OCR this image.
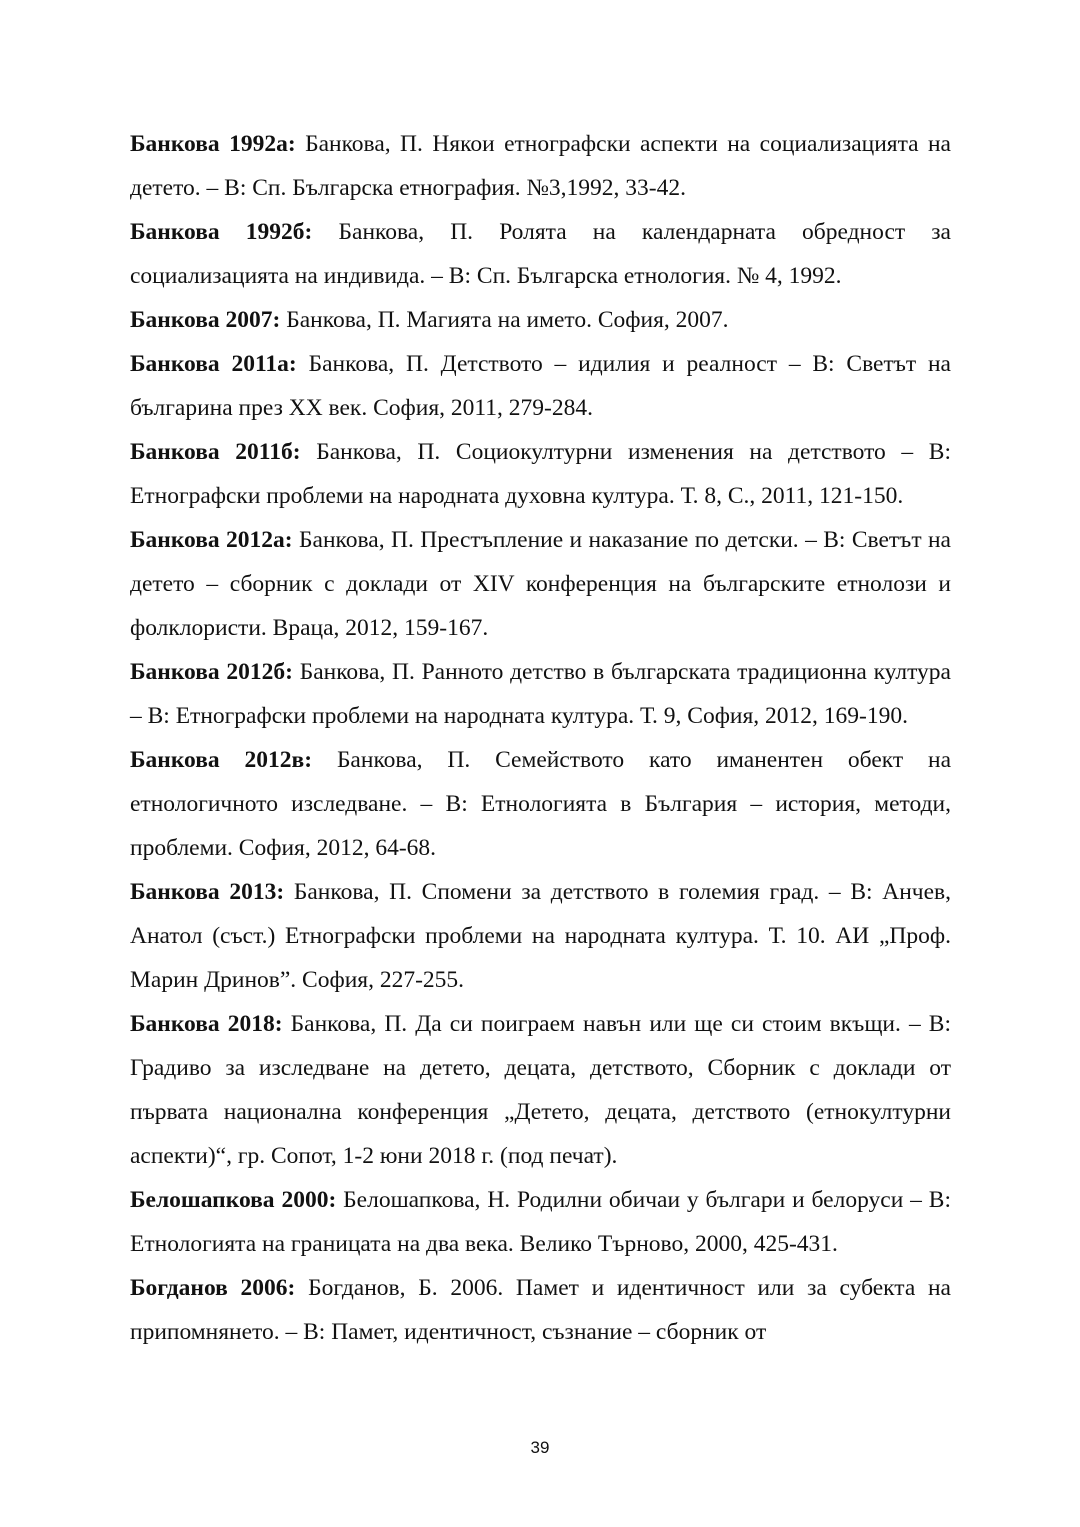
Банкова 1992а: Банкова, П. Някои етнографски аспекти на социализацията на детето. – В: Сп. Българска етнография. №3,1992, 33-42.

Банкова 1992б: Банкова, П. Ролята на календарната обредност за социализацията на индивида. – В: Сп. Българска етнология. № 4, 1992.

Банкова 2007: Банкова, П. Магията на името. София, 2007.

Банкова 2011а: Банкова, П. Детството – идилия и реалност – В: Светът на българина през ХХ век. София, 2011, 279-284.

Банкова 2011б: Банкова, П. Социокултурни изменения на детството – В: Етнографски проблеми на народната духовна култура. Т. 8, С., 2011, 121-150.

Банкова 2012а: Банкова, П. Престъпление и наказание по детски. – В: Светът на детето – сборник с доклади от XIV конференция на българските етнолози и фолклористи. Враца, 2012, 159-167.

Банкова 2012б: Банкова, П. Ранното детство в българската традиционна култура – В: Етнографски проблеми на народната култура. Т. 9, София, 2012, 169-190.

Банкова 2012в: Банкова, П. Семейството като иманентен обект на етнологичното изследване. – В: Етнологията в България – история, методи, проблеми. София, 2012, 64-68.

Банкова 2013: Банкова, П. Спомени за детството в големия град. – В: Анчев, Анатол (съст.) Етнографски проблеми на народната култура. Т. 10. АИ „Проф. Марин Дринов”. София, 227-255.

Банкова 2018: Банкова, П. Да си поиграем навън или ще си стоим вкъщи. – В: Градиво за изследване на детето, децата, детството, Сборник с доклади от първата национална конференция „Детето, децата, детството (етнокултурни аспекти)“, гр. Сопот, 1-2 юни 2018 г. (под печат).

Белошапкова 2000: Белошапкова, Н. Родилни обичаи у българи и белоруси – В: Етнологията на границата на два века. Велико Търново, 2000, 425-431.

Богданов 2006: Богданов, Б. 2006. Памет и идентичност или за субекта на припомнянето. – В: Памет, идентичност, съзнание – сборник от

39
